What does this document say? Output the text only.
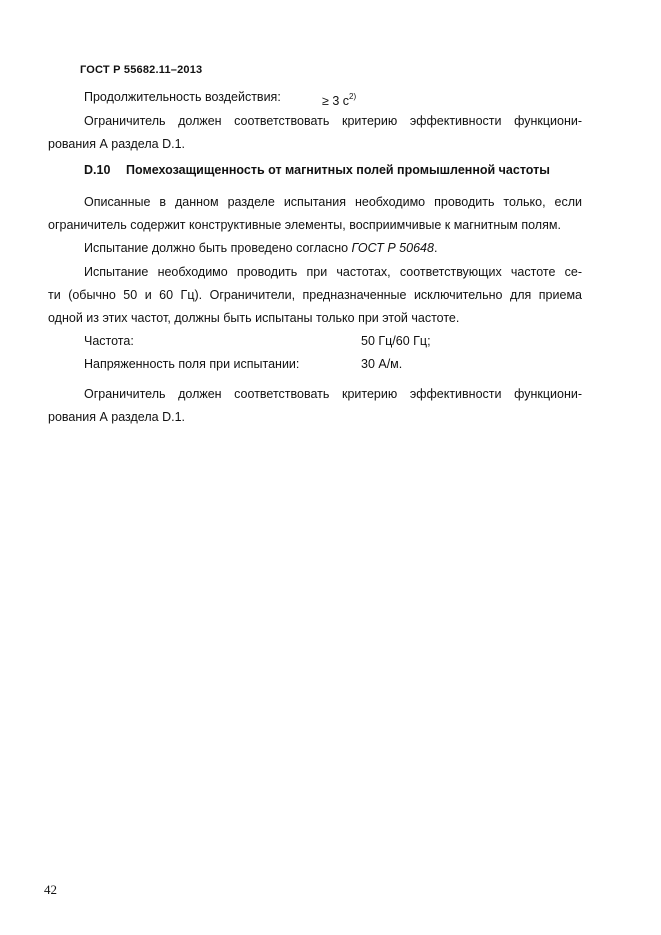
ГОСТ Р 55682.11–2013
Продолжительность воздействия:	≥ 3 $с^{2)}$
Ограничитель должен соответствовать критерию эффективности функциони-
рования А раздела D.1.
D.10 Помехозащищенность от магнитных полей промышленной частоты
Описанные в данном разделе испытания необходимо проводить только, если
ограничитель содержит конструктивные элементы, восприимчивые к магнитным полям.
Испытание должно быть проведено согласно ГОСТ Р 50648.
Испытание необходимо проводить при частотах, соответствующих частоте се-
ти (обычно 50 и 60 Гц). Ограничители, предназначенные исключительно для приема
одной из этих частот, должны быть испытаны только при этой частоте.
Частота:	50 Гц/60 Гц;
Напряженность поля при испытании:	30 А/м.
Ограничитель должен соответствовать критерию эффективности функциони-
рования А раздела D.1.
42
